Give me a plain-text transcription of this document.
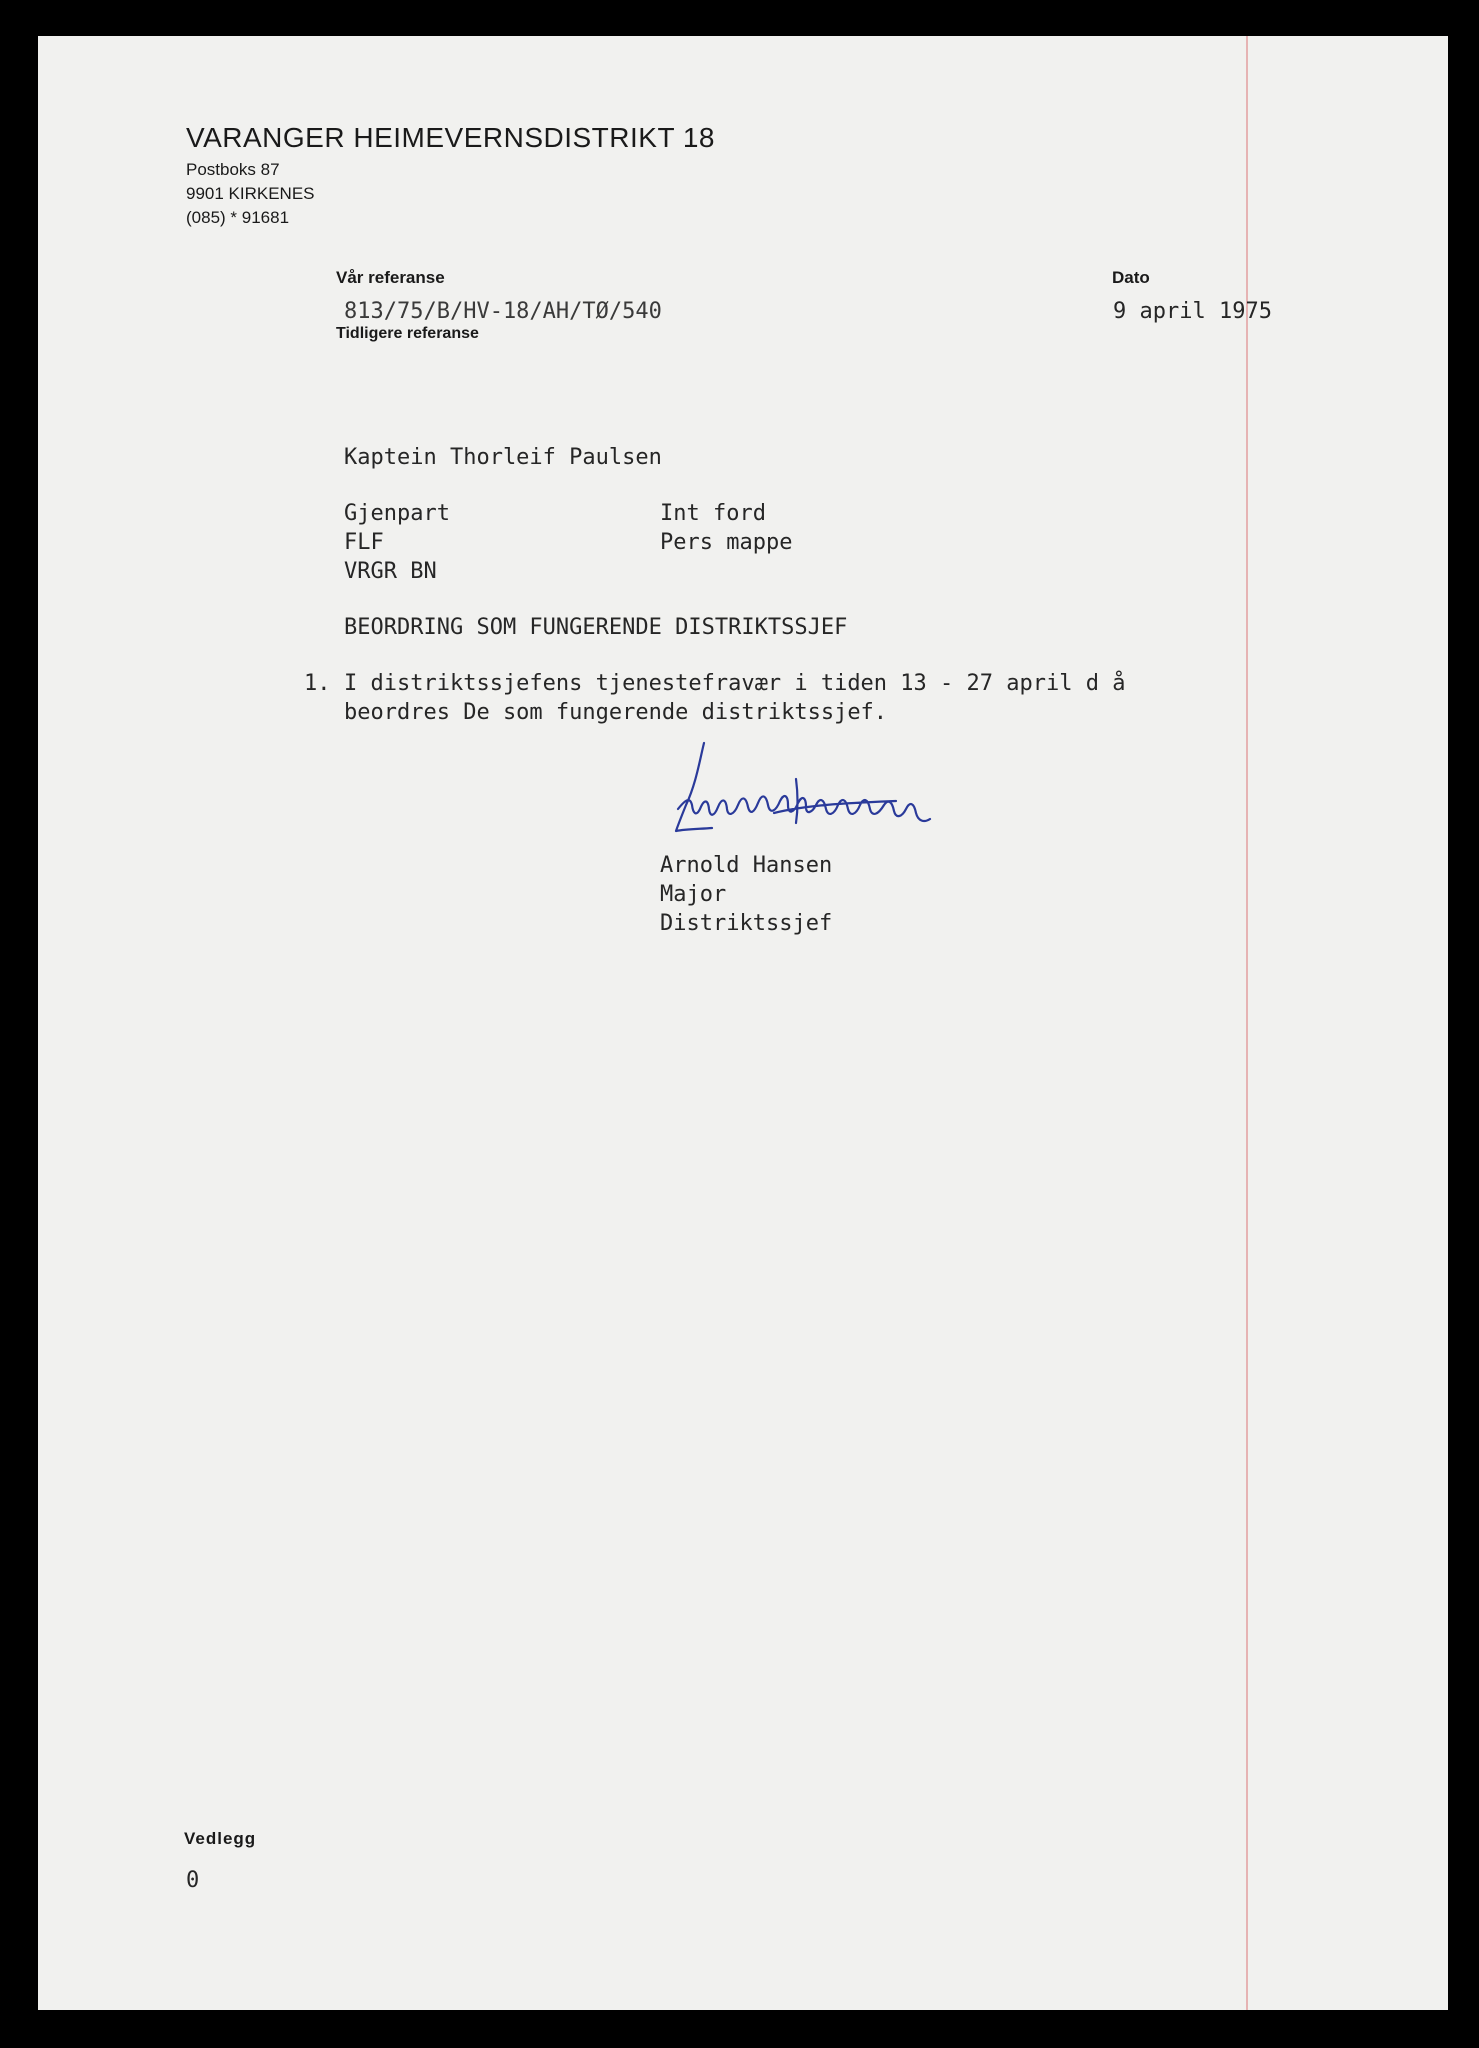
VARANGER HEIMEVERNSDISTRIKT 18
Postboks 87
9901 KIRKENES
(085) * 91681
Vår referanse
813/75/B/HV-18/AH/TØ/540
Tidligere referanse
Dato
9 april 1975
Kaptein Thorleif Paulsen
Gjenpart
FLF
VRGR BN
Int ford
Pers mappe
BEORDRING SOM FUNGERENDE DISTRIKTSSJEF
1. I distriktssjefens tjenestefravær i tiden 13 - 27 april d å
beordres De som fungerende distriktssjef.
Arnold Hansen
Major
Distriktssjef
Vedlegg
0
